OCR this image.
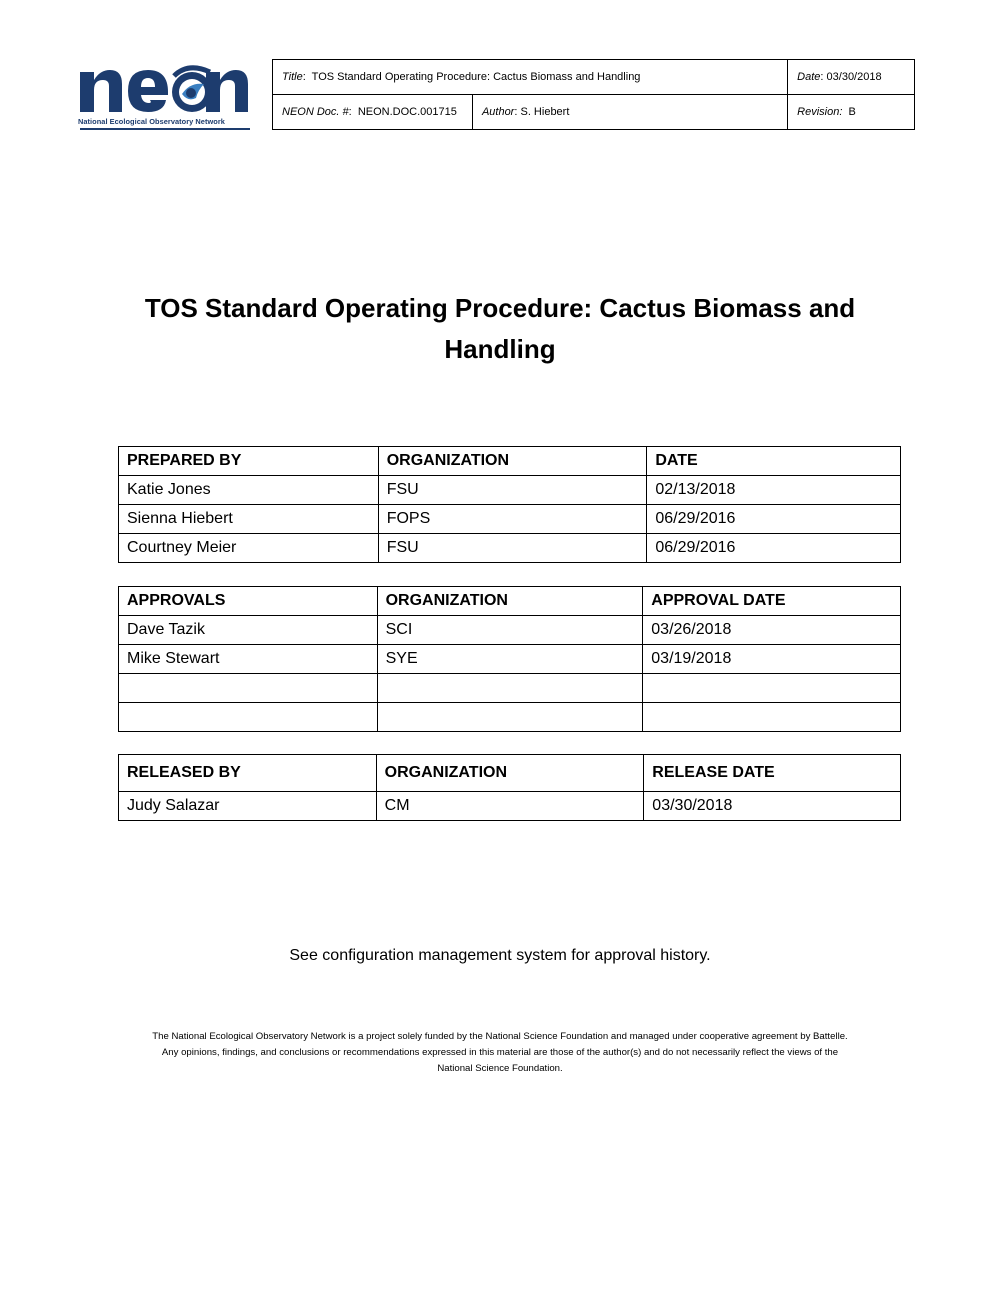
National Ecological Observatory Network
Title:  TOS Standard Operating Procedure: Cactus Biomass and Handling		Date: 03/30/2018
NEON Doc. #:  NEON.DOC.001715	Author: S. Hiebert	Revision: B
TOS Standard Operating Procedure: Cactus Biomass and
Handling
PREPARED BY	ORGANIZATION	DATE
Katie Jones	FSU	02/13/2018
Sienna Hiebert	FOPS	06/29/2016
Courtney Meier	FSU	06/29/2016
APPROVALS	ORGANIZATION	APPROVAL DATE
Dave Tazik	SCI	03/26/2018
Mike Stewart	SYE	03/19/2018

RELEASED BY	ORGANIZATION	RELEASE DATE
Judy Salazar	CM	03/30/2018
See configuration management system for approval history.
The National Ecological Observatory Network is a project solely funded by the National Science Foundation and managed under cooperative agreement by Battelle.
Any opinions, findings, and conclusions or recommendations expressed in this material are those of the author(s) and do not necessarily reflect the views of the
National Science Foundation.
